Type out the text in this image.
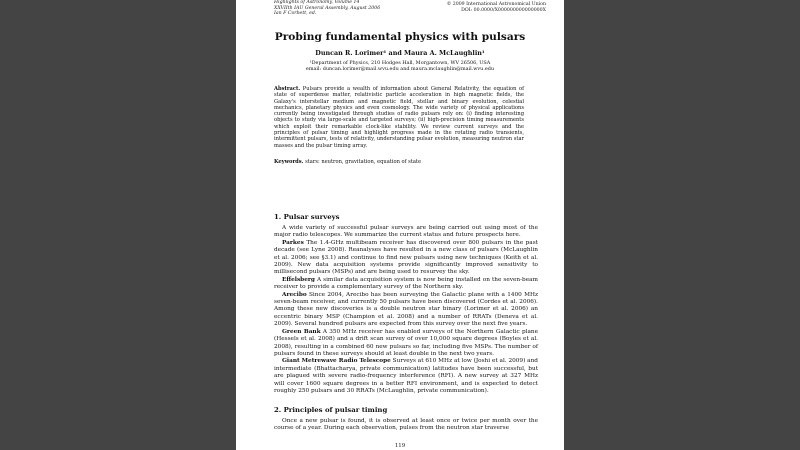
Highlights of Astronomy, Volume 14
XXVIIth IAU General Assembly, August 2006
Ian F Corbett, ed.
© 2009 International Astronomical Union
DOI: 00.0000/X000000000000000X
Probing fundamental physics with pulsars
Duncan R. Lorimer¹ and Maura A. McLaughlin¹
¹Department of Physics, 210 Hodges Hall, Morgantown, WV 26506, USA
email: duncan.lorimer@mail.wvu.edu and maura.mclaughlin@mail.wvu.edu
Abstract. Pulsars provide a wealth of information about General Relativity, the equation of state of superdense matter, relativistic particle acceleration in high magnetic fields, the Galaxy's interstellar medium and magnetic field, stellar and binary evolution, celestial mechanics, planetary physics and even cosmology. The wide variety of physical applications currently being investigated through studies of radio pulsars rely on: (i) finding interesting objects to study via large-scale and targeted surveys; (ii) high-precision timing measurements which exploit their remarkable clock-like stability. We review current surveys and the principles of pulsar timing and highlight progress made in the rotating radio transients, intermittent pulsars, tests of relativity, understanding pulsar evolution, measuring neutron star masses and the pulsar timing array.
Keywords. stars: neutron, gravitation, equation of state
1. Pulsar surveys

A wide variety of successful pulsar surveys are being carried out using most of the major radio telescopes. We summarize the current status and future prospects here.

Parkes The 1.4-GHz multibeam receiver has discovered over 800 pulsars in the past decade (see Lyne 2008). Reanalyses have resulted in a new class of pulsars (McLaughlin et al. 2006; see §3.1) and continue to find new pulsars using new techniques (Keith et al. 2009). New data acquisition systems provide significantly improved sensitivity to millisecond pulsars (MSPs) and are being used to resurvey the sky.

Effelsberg A similar data acquisition system is now being installed on the seven-beam receiver to provide a complementary survey of the Northern sky.

Arecibo Since 2004, Arecibo has been surveying the Galactic plane with a 1400 MHz seven-beam receiver, and currently 50 pulsars have been discovered (Cordes et al. 2006). Among these new discoveries is a double neutron star binary (Lorimer et al. 2006) an eccentric binary MSP (Champion et al. 2008) and a number of RRATs (Deneva et al. 2009). Several hundred pulsars are expected from this survey over the next five years.

Green Bank A 350 MHz receiver has enabled surveys of the Northern Galactic plane (Hessels et al. 2008) and a drift scan survey of over 10,000 square degrees (Boyles et al. 2008), resulting in a combined 60 new pulsars so far, including five MSPs. The number of pulsars found in these surveys should at least double in the next two years.

Giant Metrewave Radio Telescope Surveys at 610 MHz at low (Joshi et al. 2009) and intermediate (Bhattacharya, private communication) latitudes have been successful, but are plagued with severe radio-frequency interference (RFI). A new survey at 327 MHz will cover 1600 square degrees in a better RFI environment, and is expected to detect roughly 250 pulsars and 30 RRATs (McLaughlin, private communication).

2. Principles of pulsar timing

Once a new pulsar is found, it is observed at least once or twice per month over the course of a year. During each observation, pulses from the neutron star traverse

119
